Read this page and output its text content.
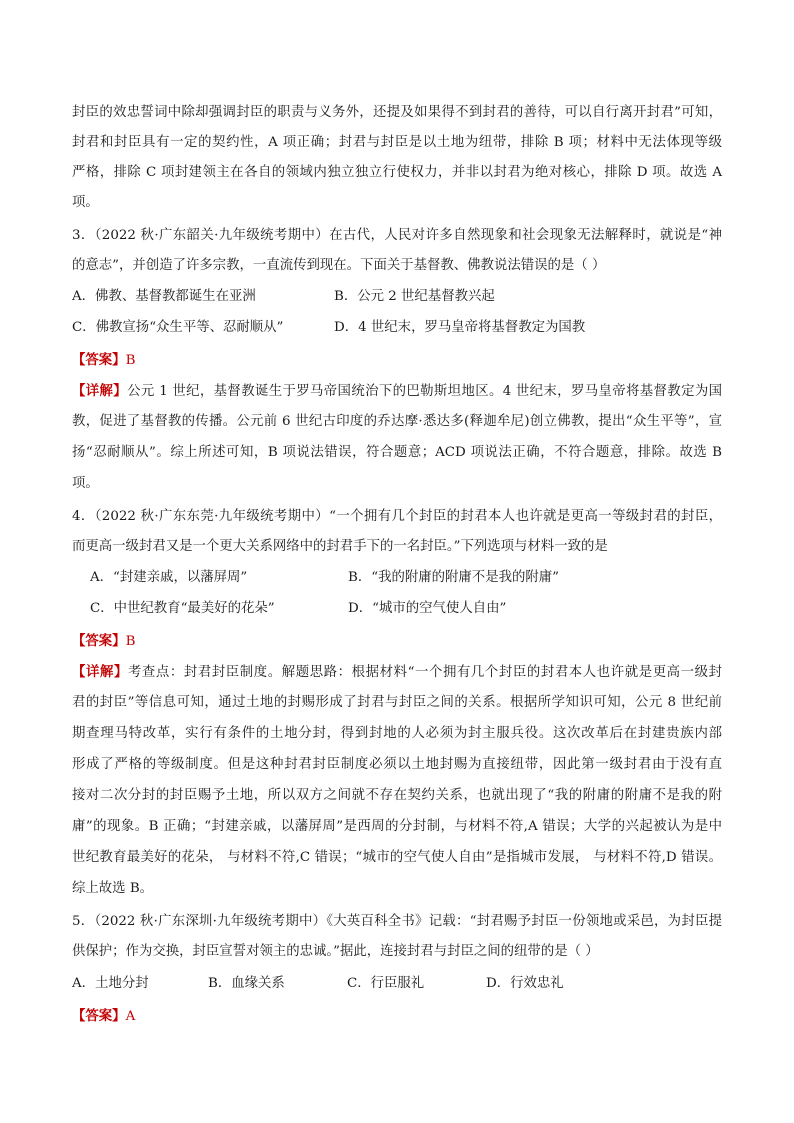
封臣的效忠誓词中除却强调封臣的职责与义务外，还提及如果得不到封君的善待，可以自行离开封君”可知，
封君和封臣具有一定的契约性，A 项正确；封君与封臣是以土地为纽带，排除 B 项；材料中无法体现等级
严格，排除 C 项封建领主在各自的领域内独立独立行使权力，并非以封君为绝对核心，排除 D 项。故选 A
项。
3．（2022 秋·广东韶关·九年级统考期中）在古代，人民对许多自然现象和社会现象无法解释时，就说是“神
的意志”，并创造了许多宗教，一直流传到现在。下面关于基督教、佛教说法错误的是（ ）
A．佛教、基督教都诞生在亚洲	B．公元 2 世纪基督教兴起
C．佛教宣扬“众生平等、忍耐顺从”	D．4 世纪末，罗马皇帝将基督教定为国教
【答案】B
【详解】公元 1 世纪，基督教诞生于罗马帝国统治下的巴勒斯坦地区。4 世纪末，罗马皇帝将基督教定为国
教，促进了基督教的传播。公元前 6 世纪古印度的乔达摩·悉达多(释迦牟尼)创立佛教，提出“众生平等”，宣
扬“忍耐顺从”。综上所述可知，B 项说法错误，符合题意；ACD 项说法正确，不符合题意，排除。故选 B
项。
4．（2022 秋·广东东莞·九年级统考期中）“一个拥有几个封臣的封君本人也许就是更高一等级封君的封臣，
而更高一级封君又是一个更大关系网络中的封君手下的一名封臣。”下列选项与材料一致的是
A．“封建亲戚，以藩屏周”	B．“我的附庸的附庸不是我的附庸”
C．中世纪教育“最美好的花朵”	D．“城市的空气使人自由”
【答案】B
【详解】考查点：封君封臣制度。解题思路：根据材料“一个拥有几个封臣的封君本人也许就是更高一级封
君的封臣”等信息可知，通过土地的封赐形成了封君与封臣之间的关系。根据所学知识可知，公元 8 世纪前
期查理马特改革，实行有条件的土地分封，得到封地的人必须为封主服兵役。这次改革后在封建贵族内部
形成了严格的等级制度。但是这种封君封臣制度必须以土地封赐为直接纽带，因此第一级封君由于没有直
接对二次分封的封臣赐予土地，所以双方之间就不存在契约关系，也就出现了“我的附庸的附庸不是我的附
庸”的现象。B 正确；“封建亲戚，以藩屏周”是西周的分封制，与材料不符,A 错误；大学的兴起被认为是中
世纪教育最美好的花朵， 与材料不符,C 错误；“城市的空气使人自由”是指城市发展， 与材料不符,D 错误。
综上故选 B。
5．（2022 秋·广东深圳·九年级统考期中）《大英百科全书》记载：“封君赐予封臣一份领地或采邑，为封臣提
供保护；作为交换，封臣宣誓对领主的忠诚。”据此，连接封君与封臣之间的纽带的是（ ）
A．土地分封	B．血缘关系	C．行臣服礼	D．行效忠礼
【答案】A
